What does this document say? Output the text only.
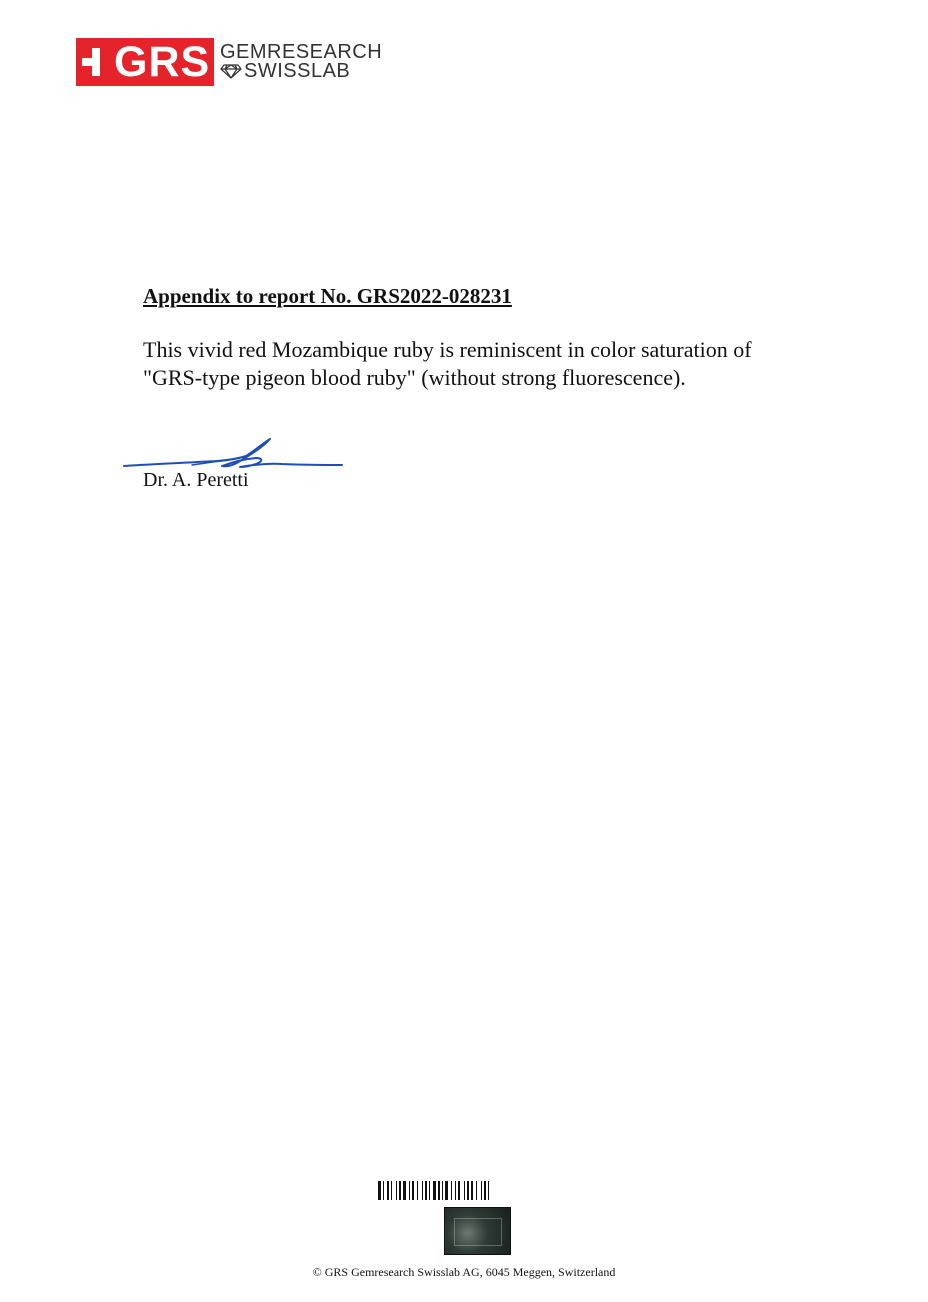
GRS GEMRESEARCH
SWISSLAB
Appendix to report No. GRS2022-028231
This vivid red Mozambique ruby is reminiscent in color saturation of
"GRS-type pigeon blood ruby" (without strong fluorescence).
Dr. A. Peretti
© GRS Gemresearch Swisslab AG, 6045 Meggen, Switzerland
